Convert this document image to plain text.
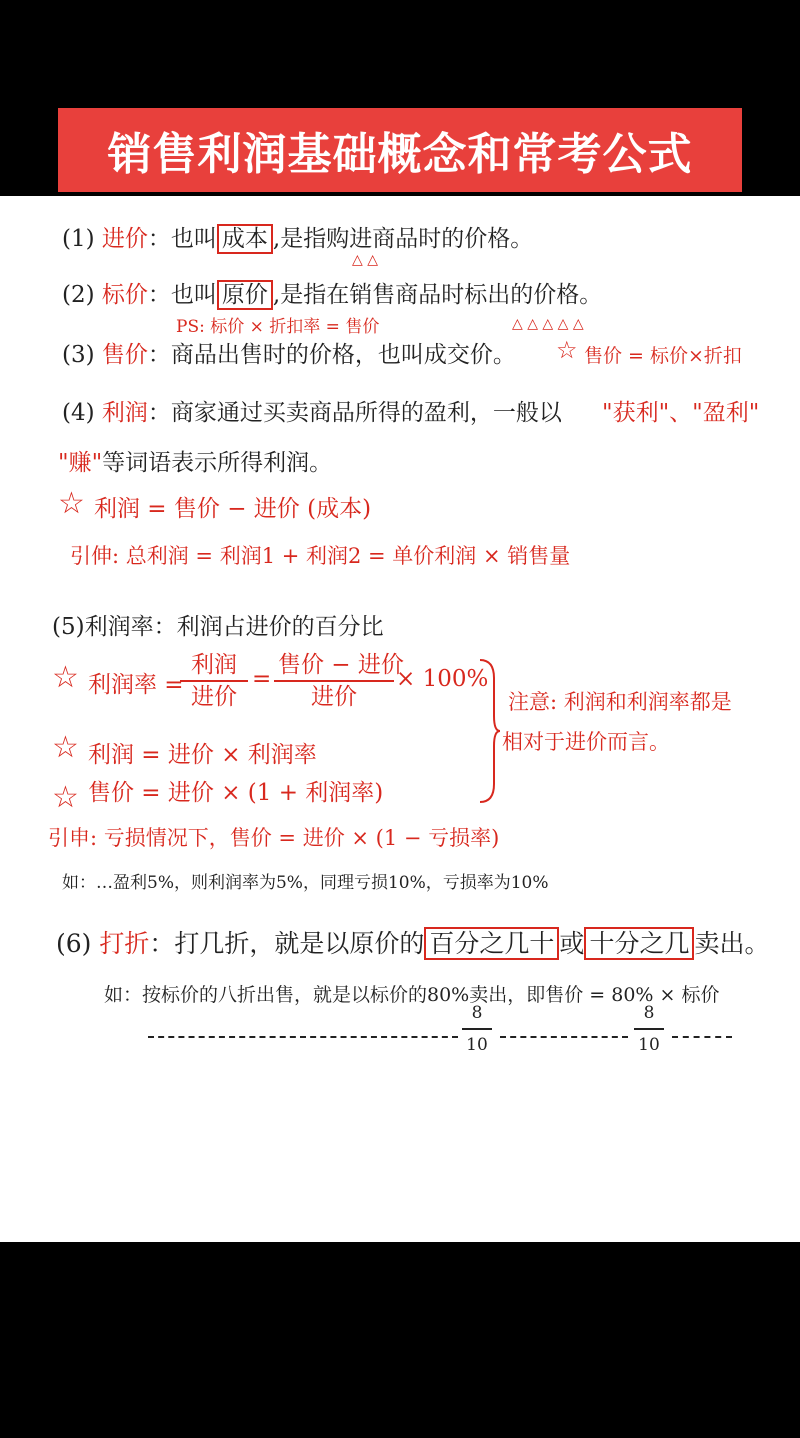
销售利润基础概念和常考公式
(1) 进价：也叫 成本 ,是指购进商品时的价格。
△ △
(2) 标价：也叫 原价 ,是指在销售商品时标出的价格。
PS: 标价 × 折扣率 = 售价	△ △ △ △ △
(3) 售价：商品出售时的价格，也叫成交价。 ☆ 售价 = 标价×折扣
(4) 利润：商家通过买卖商品所得的盈利，一般以 "获利"、"盈利"
"赚"等词语表示所得利润。
☆ 利润 = 售价 − 进价 (成本)
引伸: 总利润 = 利润1 + 利润2 = 单价利润 × 销售量
(5)利润率：利润占进价的百分比
☆ 利润率 =
利润
进价
=
售价 − 进价
进价
× 100%
☆ 利润 = 进价 × 利润率
☆ 售价 = 进价 × (1 + 利润率)
注意: 利润和利润率都是
相对于进价而言。
引申: 亏损情况下，售价 = 进价 × (1 − 亏损率)
如：…盈利5%，则利润率为5%，同理亏损10%，亏损率为10%
(6) 打折：打几折，就是以原价的 百分之几十 或 十分之几 卖出。
如：按标价的八折出售，就是以标价的80%卖出，即售价 = 80% × 标价
$\frac{8}{10}$	$\frac{8}{10}$
